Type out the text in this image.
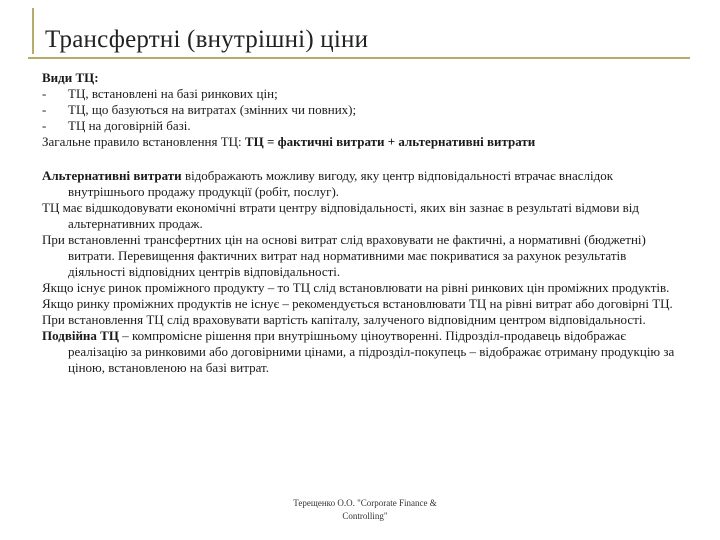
Трансфертні (внутрішні) ціни
Види ТЦ:
-	ТЦ, встановлені на базі ринкових цін;
-	ТЦ, що базуються на витратах (змінних чи повних);
-	ТЦ на договірній базі.
Загальне правило встановлення ТЦ: ТЦ = фактичні витрати + альтернативні витрати

Альтернативні витрати відображають можливу вигоду, яку центр відповідальності втрачає внаслідок внутрішнього продажу продукції (робіт, послуг).

ТЦ має відшкодовувати економічні втрати центру відповідальності, яких він зазнає в результаті відмови від альтернативних продаж.

При встановленні трансфертних цін на основі витрат слід враховувати не фактичні, а нормативні (бюджетні) витрати. Перевищення фактичних витрат над нормативними має покриватися за рахунок результатів діяльності відповідних центрів відповідальності.

Якщо існує ринок проміжного продукту – то ТЦ слід встановлювати на рівні ринкових цін проміжних продуктів.

Якщо ринку проміжних продуктів не існує – рекомендується встановлювати ТЦ на рівні витрат або договірні ТЦ.

При встановлення ТЦ слід враховувати вартість капіталу, залученого відповідним центром відповідальності.

Подвійна ТЦ – компромісне рішення при внутрішньому ціноутворенні. Підрозділ-продавець відображає реалізацію за ринковими або договірними цінами, а підрозділ-покупець – відображає отриману продукцію за ціною, встановленою на базі витрат.

Терещенко О.О. "Corporate Finance &
Controlling"
